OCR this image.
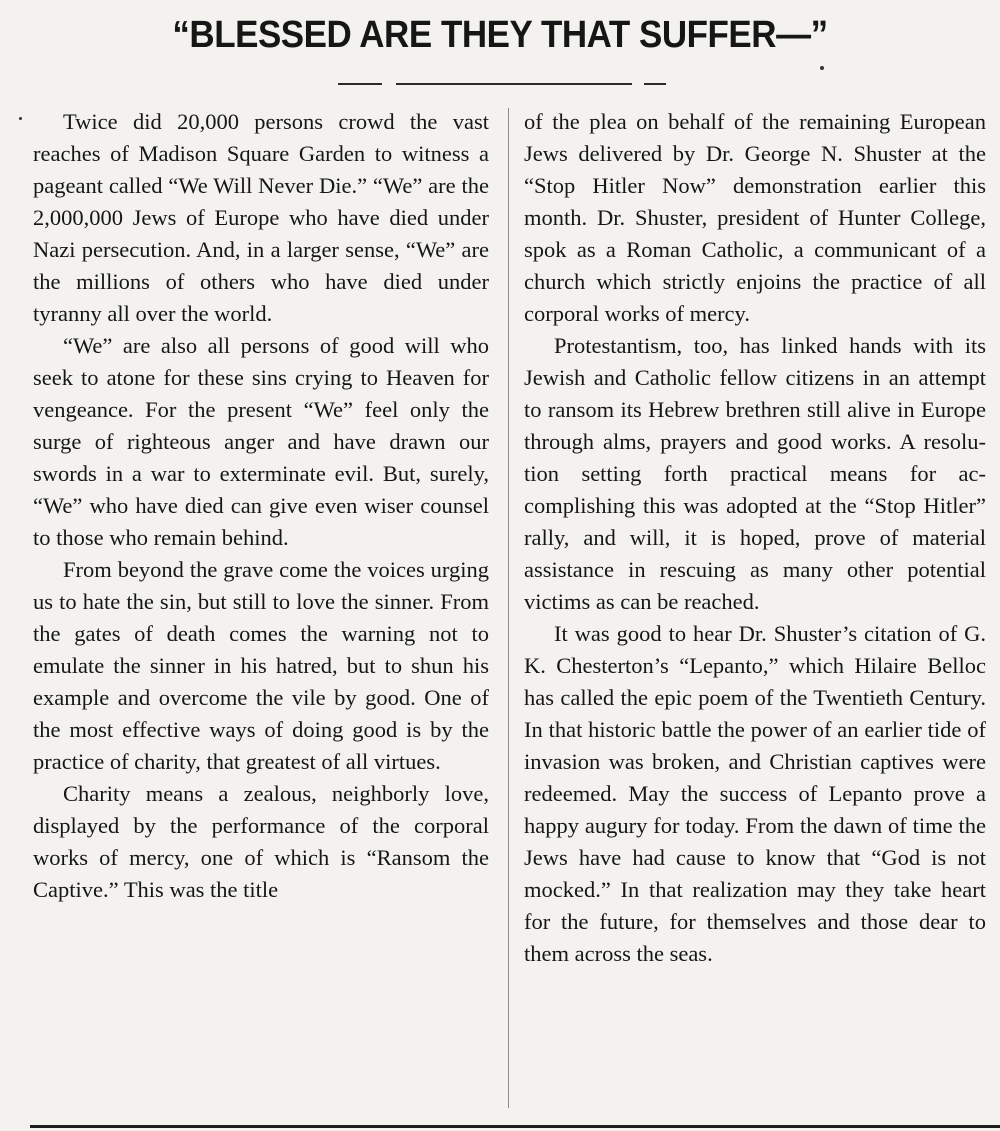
“BLESSED ARE THEY THAT SUFFER—”

Twice did 20,000 persons crowd the vast reaches of Madison Square Garden to witness a pageant called “We Will Never Die.” “We” are the 2,000,000 Jews of Europe who have died under Nazi persecution. And, in a larger sense, “We” are the millions of others who have died under tyranny all over the world.

“We” are also all persons of good will who seek to atone for these sins crying to Heaven for vengeance. For the present “We” feel only the surge of righteous anger and have drawn our swords in a war to exterminate evil. But, surely, “We” who have died can give even wiser counsel to those who remain behind.

From beyond the grave come the voices urging us to hate the sin, but still to love the sinner. From the gates of death comes the warning not to emulate the sinner in his hatred, but to shun his example and overcome the vile by good. One of the most effective ways of doing good is by the practice of charity, that greatest of all virtues.

Charity means a zealous, neighborly love, displayed by the performance of the corporal works of mercy, one of which is “Ransom the Captive.” This was the title

of the plea on behalf of the remaining European Jews delivered by Dr. George N. Shuster at the “Stop Hitler Now” demonstration earlier this month. Dr. Shuster, president of Hunter College, spok as a Roman Catholic, a communicant of a church which strictly enjoins the practice of all corporal works of mercy.

Protestantism, too, has linked hands with its Jewish and Catholic fellow citizens in an attempt to ransom its Hebrew brethren still alive in Europe through alms, prayers and good works. A resolution setting forth practical means for accomplishing this was adopted at the “Stop Hitler” rally, and will, it is hoped, prove of material assistance in rescuing as many other potential victims as can be reached.

It was good to hear Dr. Shuster’s citation of G. K. Chesterton’s “Lepanto,” which Hilaire Belloc has called the epic poem of the Twentieth Century. In that historic battle the power of an earlier tide of invasion was broken, and Christian captives were redeemed. May the success of Lepanto prove a happy augury for today. From the dawn of time the Jews have had cause to know that “God is not mocked.” In that realization may they take heart for the future, for themselves and those dear to them across the seas.
